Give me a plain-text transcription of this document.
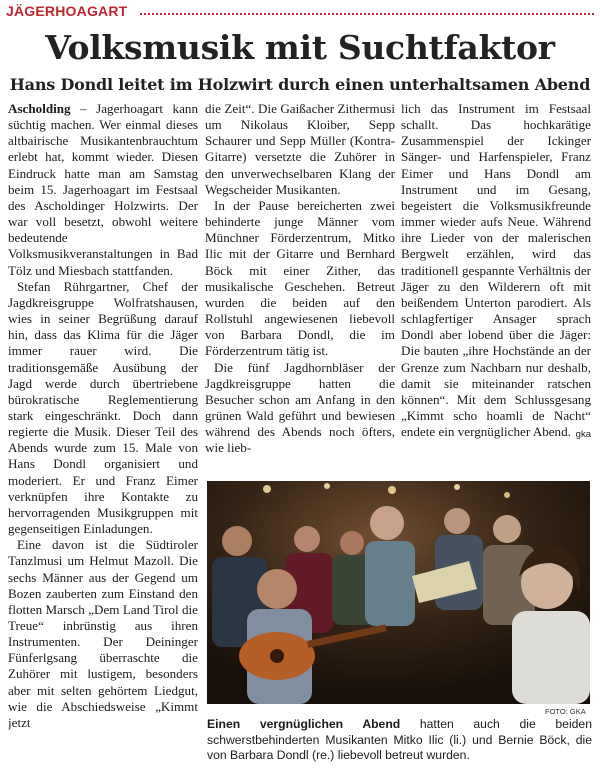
JÄGERHOAGART
Volksmusik mit Suchtfaktor
Hans Dondl leitet im Holzwirt durch einen unterhaltsamen Abend

Ascholding – Jagerhoagart kann süchtig machen. Wer einmal dieses altbairische Musikantenbrauchtum erlebt hat, kommt wieder. Diesen Eindruck hatte man am Samstag beim 15. Jagerhoagart im Festsaal des Ascholdinger Holzwirts. Der war voll besetzt, obwohl weitere bedeutende Volksmusikveranstaltungen in Bad Tölz und Miesbach stattfanden.

Stefan Rührgartner, Chef der Jagdkreisgruppe Wolfratshausen, wies in seiner Begrüßung darauf hin, dass das Klima für die Jäger immer rauer wird. Die traditionsgemäße Ausübung der Jagd werde durch übertriebene bürokratische Reglementierung stark eingeschränkt. Doch dann regierte die Musik. Dieser Teil des Abends wurde zum 15. Male von Hans Dondl organisiert und moderiert. Er und Franz Eimer verknüpfen ihre Kontakte zu hervorragenden Musikgruppen mit gegenseitigen Einladungen.

Eine davon ist die Südtiroler Tanzlmusi um Helmut Mazoll. Die sechs Männer aus der Gegend um Bozen zauberten zum Einstand den flotten Marsch „Dem Land Tirol die Treue“ inbrünstig aus ihren Instrumenten. Der Deininger Fünferlgsang überraschte die Zuhörer mit lustigem, besonders aber mit selten gehörtem Liedgut, wie die Abschiedsweise „Kimmt jetzt

die Zeit“. Die Gaißacher Zithermusi um Nikolaus Kloiber, Sepp Schaurer und Sepp Müller (Kontra-Gitarre) versetzte die Zuhörer in den unverwechselbaren Klang der Wegscheider Musikanten.

In der Pause bereicherten zwei behinderte junge Männer vom Münchner Förderzentrum, Mitko Ilic mit der Gitarre und Bernhard Böck mit einer Zither, das musikalische Geschehen. Betreut wurden die beiden auf den Rollstuhl angewiesenen liebevoll von Barbara Dondl, die im Förderzentrum tätig ist.

Die fünf Jagdhornbläser der Jagdkreisgruppe hatten die Besucher schon am Anfang in den grünen Wald geführt und bewiesen während des Abends noch öfters, wie lieb-

lich das Instrument im Festsaal schallt. Das hochkarätige Zusammenspiel der Ickinger Sänger- und Harfenspieler, Franz Eimer und Hans Dondl am Instrument und im Gesang, begeistert die Volksmusikfreunde immer wieder aufs Neue. Während ihre Lieder von der malerischen Bergwelt erzählen, wird das traditionell gespannte Verhältnis der Jäger zu den Wilderern oft mit beißendem Unterton parodiert. Als schlagfertiger Ansager sprach Dondl aber lobend über die Jäger: Die bauten „ihre Hochstände an der Grenze zum Nachbarn nur deshalb, damit sie miteinander ratschen können“. Mit dem Schlussgesang „Kimmt scho hoamli de Nacht“ endete ein vergnüglicher Abend. gka

FOTO: GKA
Einen vergnüglichen Abend hatten auch die beiden schwerstbehinderten Musikanten Mitko Ilic (li.) und Bernie Böck, die von Barbara Dondl (re.) liebevoll betreut wurden.
